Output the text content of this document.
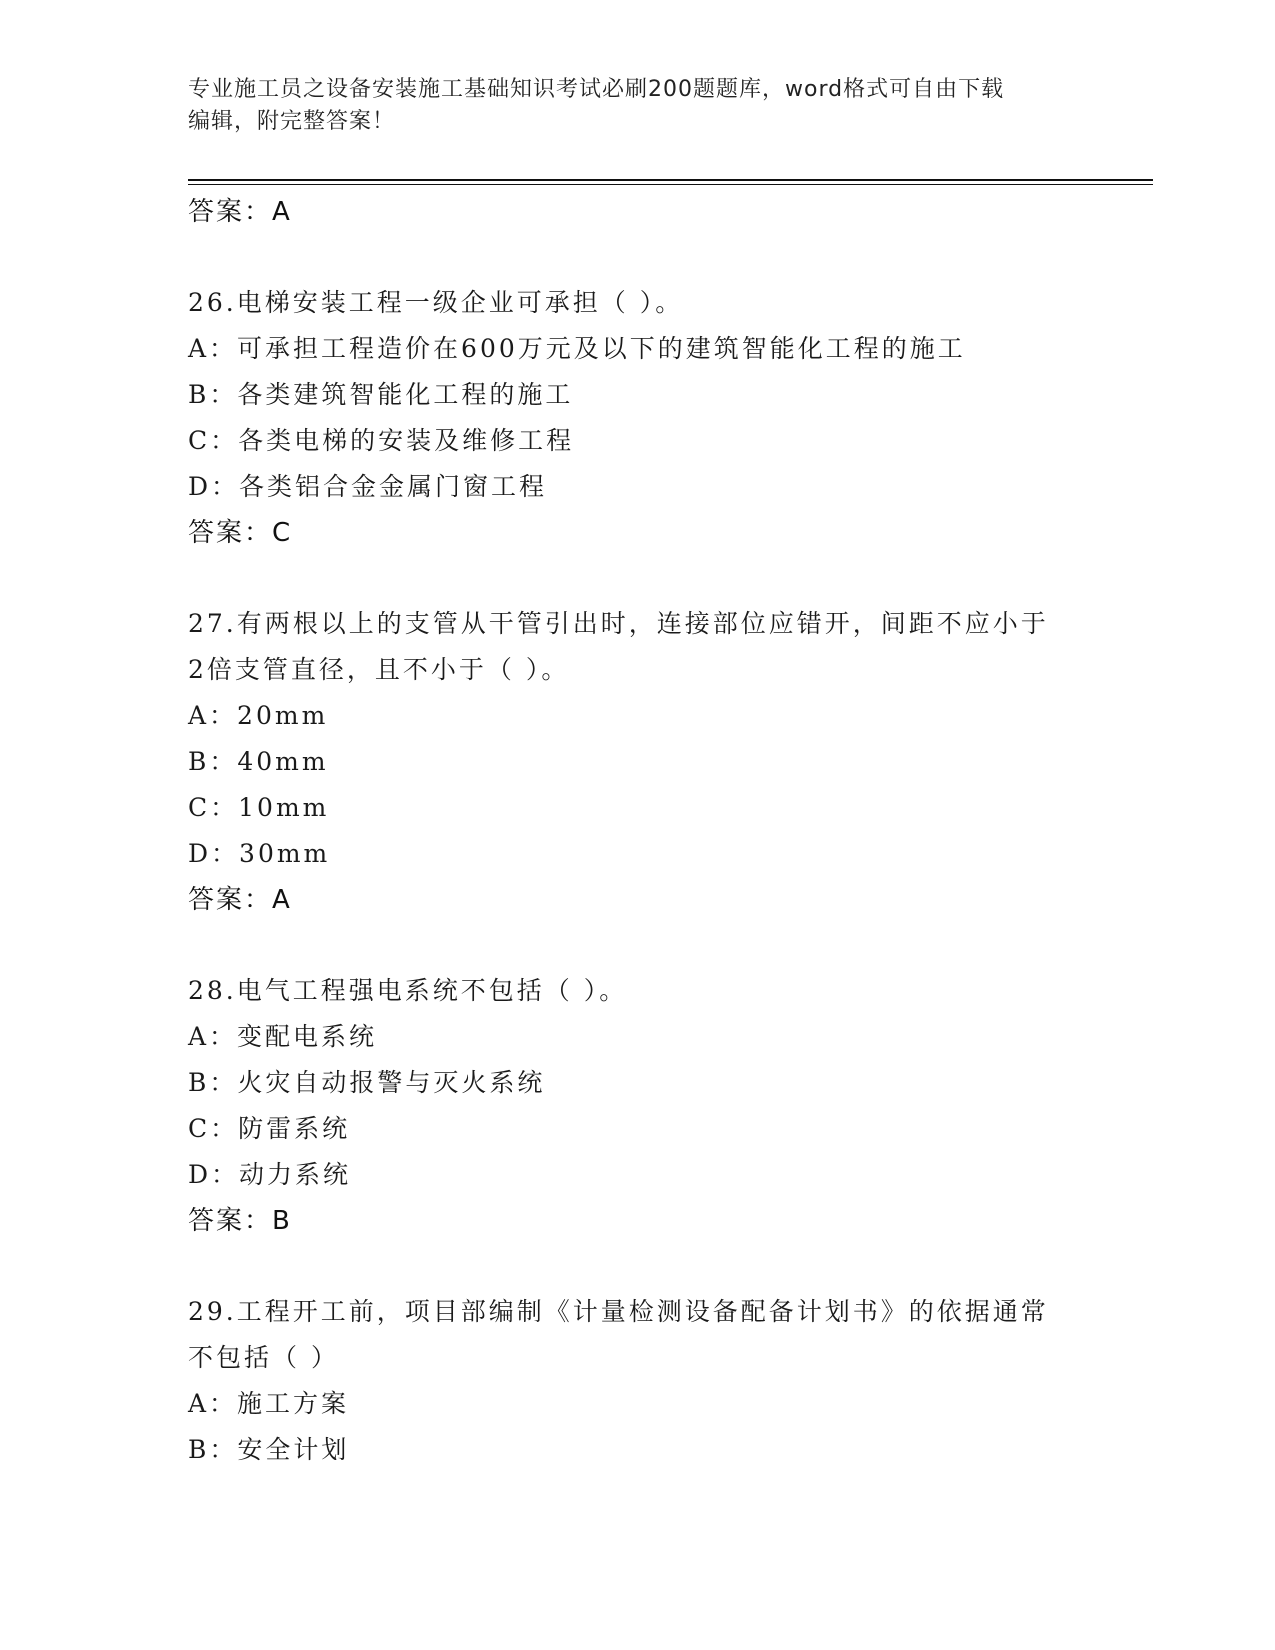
专业施工员之设备安装施工基础知识考试必刷200题题库，word格式可自由下载
编辑，附完整答案！
答案：A
26.电梯安装工程一级企业可承担（ ）。
A：可承担工程造价在600万元及以下的建筑智能化工程的施工
B：各类建筑智能化工程的施工
C：各类电梯的安装及维修工程
D：各类铝合金金属门窗工程
答案：C
27.有两根以上的支管从干管引出时，连接部位应错开，间距不应小于
2倍支管直径，且不小于（ ）。
A：20mm
B：40mm
C：10mm
D：30mm
答案：A
28.电气工程强电系统不包括（ ）。
A：变配电系统
B：火灾自动报警与灭火系统
C：防雷系统
D：动力系统
答案：B
29.工程开工前，项目部编制《计量检测设备配备计划书》的依据通常
不包括（ ）
A：施工方案
B：安全计划
